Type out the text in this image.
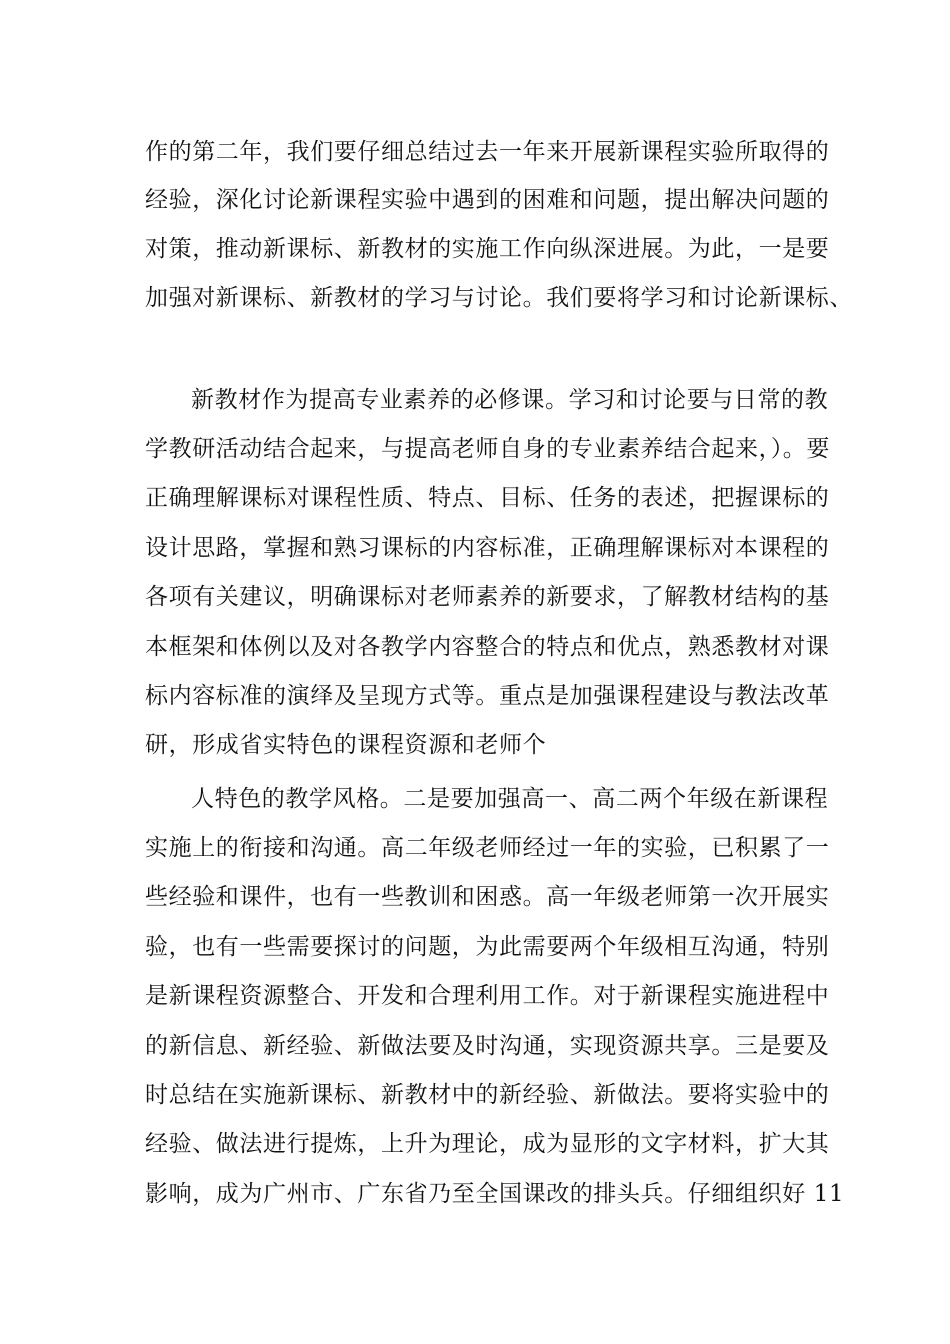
作的第二年，我们要仔细总结过去一年来开展新课程实验所取得的
经验，深化讨论新课程实验中遇到的困难和问题，提出解决问题的
对策，推动新课标、新教材的实施工作向纵深进展。为此，一是要
加强对新课标、新教材的学习与讨论。我们要将学习和讨论新课标、
新教材作为提高专业素养的必修课。学习和讨论要与日常的教
学教研活动结合起来，与提高老师自身的专业素养结合起来，）。要
正确理解课标对课程性质、特点、目标、任务的表述，把握课标的
设计思路，掌握和熟习课标的内容标准，正确理解课标对本课程的
各项有关建议，明确课标对老师素养的新要求，了解教材结构的基
本框架和体例以及对各教学内容整合的特点和优点，熟悉教材对课
标内容标准的演绎及呈现方式等。重点是加强课程建设与教法改革
研，形成省实特色的课程资源和老师个
人特色的教学风格。二是要加强高一、高二两个年级在新课程
实施上的衔接和沟通。高二年级老师经过一年的实验，已积累了一
些经验和课件，也有一些教训和困惑。高一年级老师第一次开展实
验，也有一些需要探讨的问题，为此需要两个年级相互沟通，特别
是新课程资源整合、开发和合理利用工作。对于新课程实施进程中
的新信息、新经验、新做法要及时沟通，实现资源共享。三是要及
时总结在实施新课标、新教材中的新经验、新做法。要将实验中的
经验、做法进行提炼，上升为理论，成为显形的文字材料，扩大其
影响，成为广州市、广东省乃至全国课改的排头兵。仔细组织好 11
